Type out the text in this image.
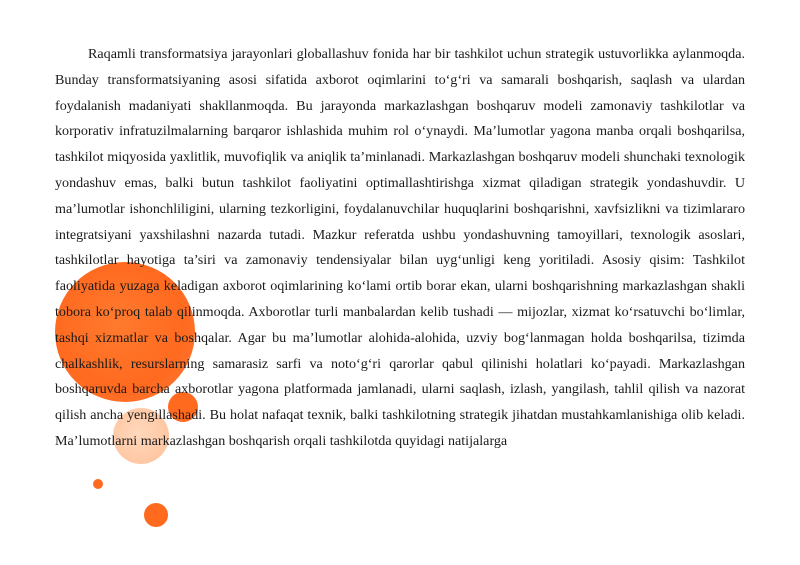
Raqamli transformatsiya jarayonlari globallashuv fonida har bir tashkilot uchun strategik ustuvorlikka aylanmoqda. Bunday transformatsiyaning asosi sifatida axborot oqimlarini to‘g‘ri va samarali boshqarish, saqlash va ulardan foydalanish madaniyati shakllanmoqda. Bu jarayonda markazlashgan boshqaruv modeli zamonaviy tashkilotlar va korporativ infratuzilmalarning barqaror ishlashida muhim rol o‘ynaydi. Ma’lumotlar yagona manba orqali boshqarilsa, tashkilot miqyosida yaxlitlik, muvofiqlik va aniqlik ta’minlanadi. Markazlashgan boshqaruv modeli shunchaki texnologik yondashuv emas, balki butun tashkilot faoliyatini optimallashtirishga xizmat qiladigan strategik yondashuvdir. U ma’lumotlar ishonchliligini, ularning tezkorligini, foydalanuvchilar huquqlarini boshqarishni, xavfsizlikni va tizimlararo integratsiyani yaxshilashni nazarda tutadi. Mazkur referatda ushbu yondashuvning tamoyillari, texnologik asoslari, tashkilotlar hayotiga ta’siri va zamonaviy tendensiyalar bilan uyg‘unligi keng yoritiladi. Asosiy qisim: Tashkilot faoliyatida yuzaga keladigan axborot oqimlarining ko‘lami ortib borar ekan, ularni boshqarishning markazlashgan shakli tobora ko‘proq talab qilinmoqda. Axborotlar turli manbalardan kelib tushadi — mijozlar, xizmat ko‘rsatuvchi bo‘limlar, tashqi xizmatlar va boshqalar. Agar bu ma’lumotlar alohida-alohida, uzviy bog‘lanmagan holda boshqarilsa, tizimda chalkashlik, resurslarning samarasiz sarfi va noto‘g‘ri qarorlar qabul qilinishi holatlari ko‘payadi. Markazlashgan boshqaruvda barcha axborotlar yagona platformada jamlanadi, ularni saqlash, izlash, yangilash, tahlil qilish va nazorat qilish ancha yengillashadi. Bu holat nafaqat texnik, balki tashkilotning strategik jihatdan mustahkamlanishiga olib keladi. Ma’lumotlarni markazlashgan boshqarish orqali tashkilotda quyidagi natijalarga
